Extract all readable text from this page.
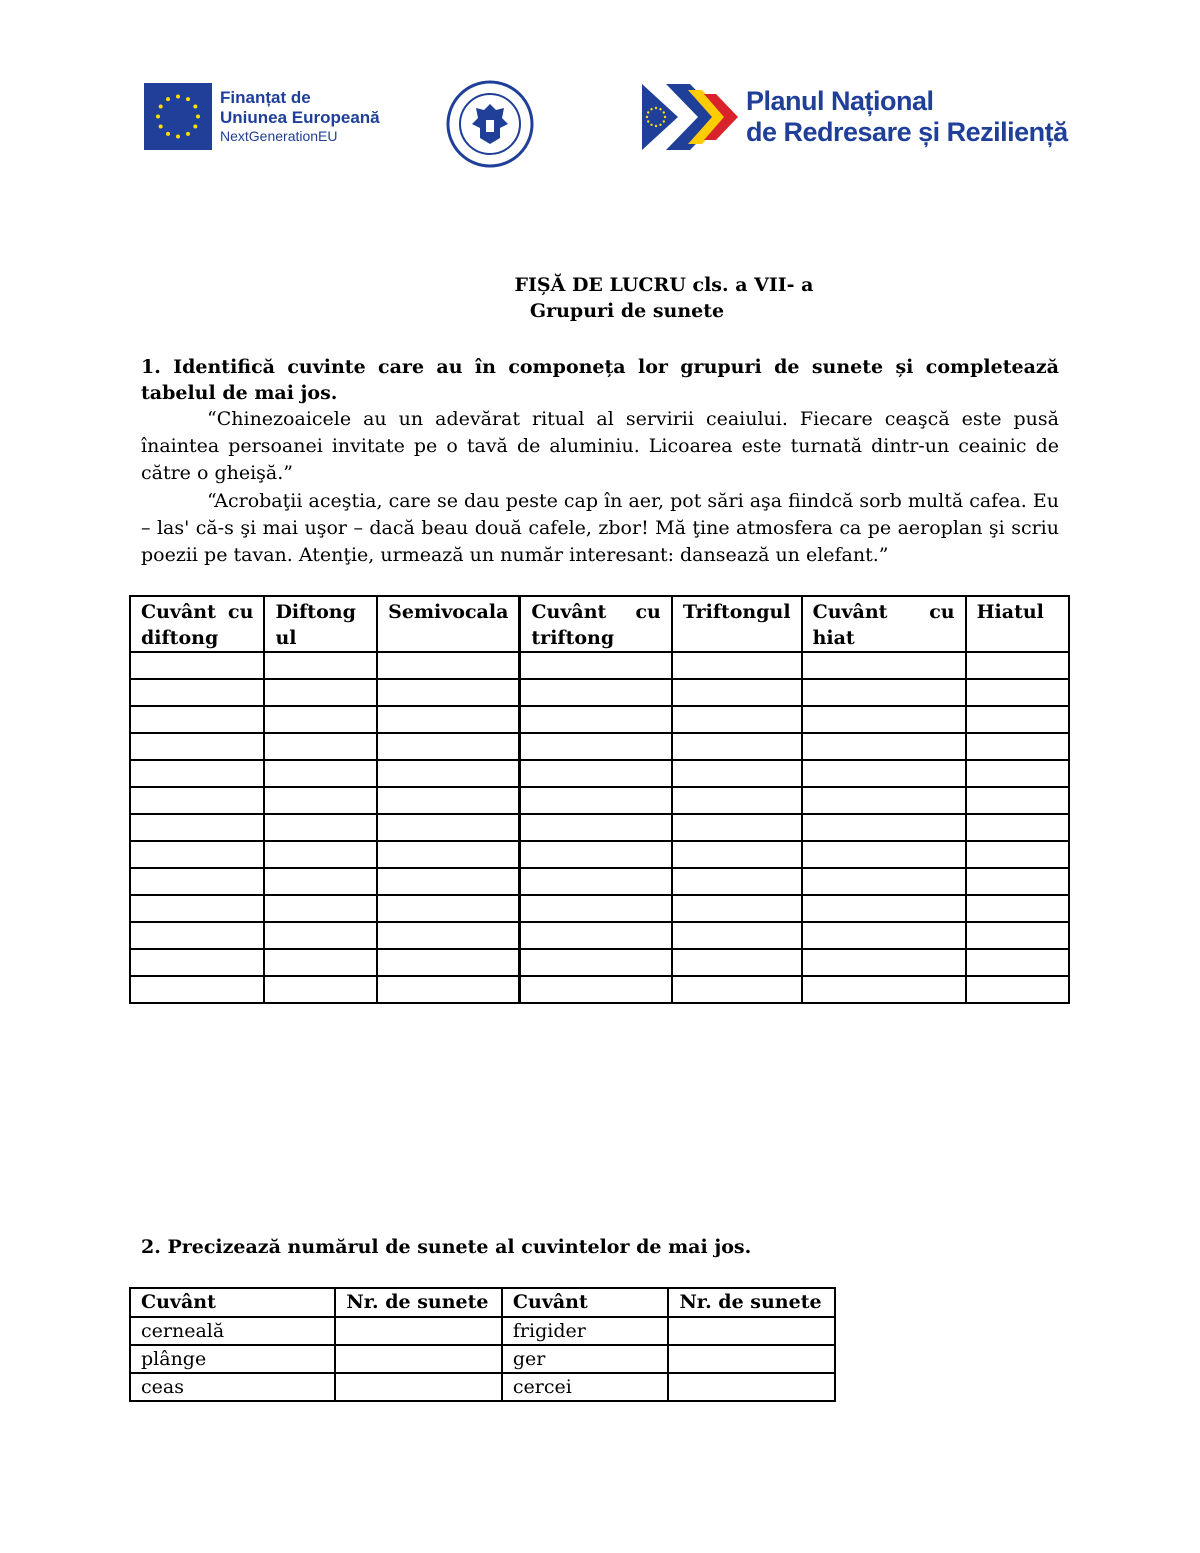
Finanțat de
Uniunea Europeană
NextGenerationEU
Planul Național
de Redresare și Reziliență
FIȘĂ DE LUCRU cls. a VII- a
Grupuri de sunete
1. Identifică cuvinte care au în componeța lor grupuri de sunete și completează tabelul de mai jos.
“Chinezoaicele au un adevărat ritual al servirii ceaiului. Fiecare ceaşcă este pusă înaintea persoanei invitate pe o tavă de aluminiu. Licoarea este turnată dintr-un ceainic de către o gheişă.”
“Acrobaţii aceştia, care se dau peste cap în aer, pot sări aşa fiindcă sorb multă cafea. Eu – las' că-s şi mai uşor – dacă beau două cafele, zbor! Mă ţine atmosfera ca pe aeroplan şi scriu poezii pe tavan. Atenţie, urmează un număr interesant: dansează un elefant.”
Cuvânt cu diftong	Diftongul	Semivocala	Cuvânt cu triftong	Triftongul	Cuvânt cu hiat	Hiatul

2. Precizează numărul de sunete al cuvintelor de mai jos.
Cuvânt	Nr. de sunete	Cuvânt	Nr. de sunete
cerneală		frigider	
plânge		ger	
ceas		cercei	
